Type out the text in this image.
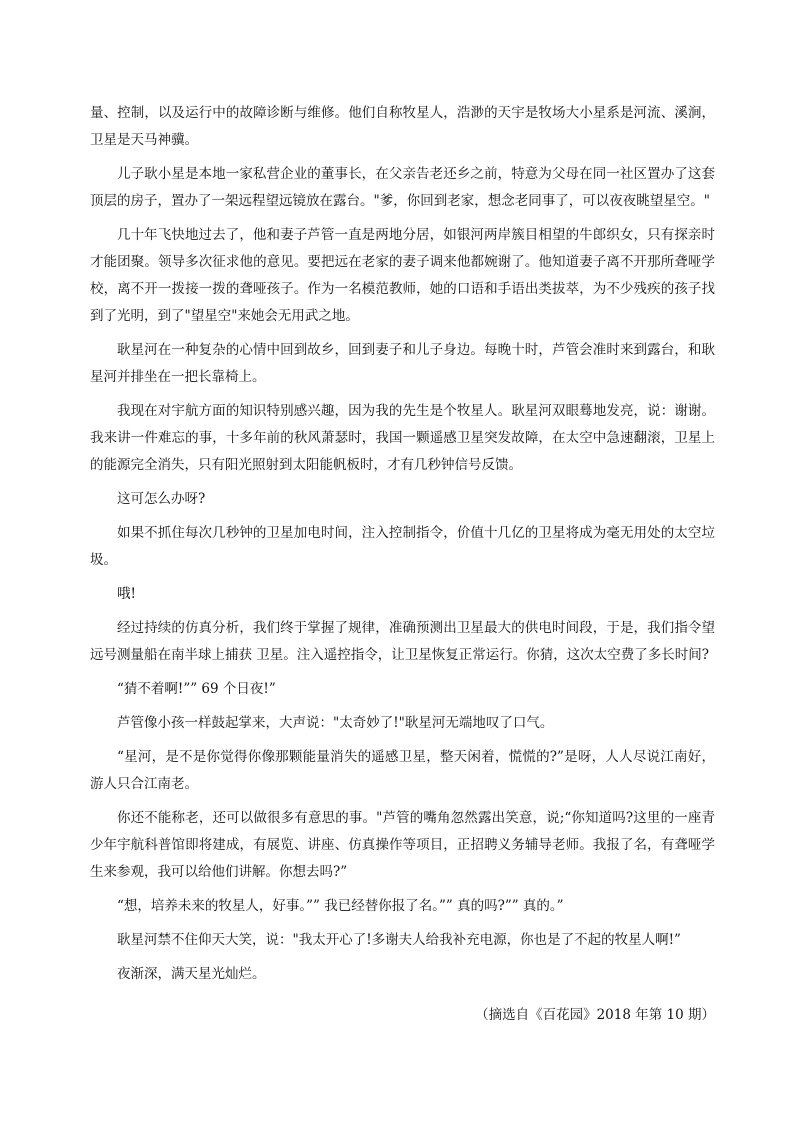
量、控制，以及运行中的故障诊断与维修。他们自称牧星人，浩渺的天宇是牧场大小星系是河流、溪涧，卫星是天马神骥。

儿子耿小星是本地一家私营企业的董事长，在父亲告老还乡之前，特意为父母在同一社区置办了这套顶层的房子，置办了一架远程望远镜放在露台。"爹，你回到老家，想念老同事了，可以夜夜眺望星空。"

几十年飞快地过去了，他和妻子芦管一直是两地分居，如银河两岸簇目相望的牛郎织女，只有探亲时才能团聚。领导多次征求他的意见。要把远在老家的妻子调来他都婉谢了。他知道妻子离不开那所聋哑学校，离不开一拨接一拨的聋哑孩子。作为一名模范教师，她的口语和手语出类拔萃，为不少残疾的孩子找到了光明，到了"望星空"来她会无用武之地。

耿星河在一种复杂的心情中回到故乡，回到妻子和儿子身边。每晚十时，芦管会准时来到露台，和耿星河并排坐在一把长靠椅上。

我现在对宇航方面的知识特别感兴趣，因为我的先生是个牧星人。耿星河双眼蓦地发亮，说：谢谢。我来讲一件难忘的事，十多年前的秋风萧瑟时，我国一颗遥感卫星突发故障，在太空中急速翻滚，卫星上的能源完全消失，只有阳光照射到太阳能帆板时，才有几秒钟信号反馈。

这可怎么办呀?

如果不抓住每次几秒钟的卫星加电时间，注入控制指令，价值十几亿的卫星将成为毫无用处的太空垃圾。

哦!

经过持续的仿真分析，我们终于掌握了规律，准确预测出卫星最大的供电时间段，于是，我们指令望远号测量船在南半球上捕获 卫星。注入遥控指令，让卫星恢复正常运行。你猜，这次太空费了多长时间?

“猜不着啊!”” 69 个日夜!”

芦管像小孩一样鼓起掌来，大声说："太奇妙了!"耿星河无端地叹了口气。

“星河，是不是你觉得你像那颗能量消失的遥感卫星，整天闲着，慌慌的?”是呀，人人尽说江南好，游人只合江南老。

你还不能称老，还可以做很多有意思的事。"芦管的嘴角忽然露出笑意，说;“你知道吗?这里的一座青少年宇航科普馆即将建成，有展览、讲座、仿真操作等项目，正招聘义务辅导老师。我报了名，有聋哑学生来参观，我可以给他们讲解。你想去吗?”

“想，培养未来的牧星人，好事。”” 我已经替你报了名。”” 真的吗?”” 真的。”

耿星河禁不住仰天大笑，说："我太开心了!多谢夫人给我补充电源，你也是了不起的牧星人啊!”

夜渐深，满天星光灿烂。

（摘选自《百花园》2018 年第 10 期）
